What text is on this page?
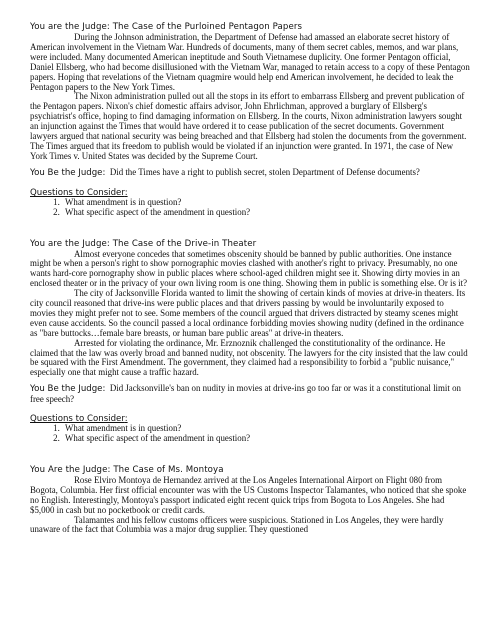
You are the Judge: The Case of the Purloined Pentagon Papers

During the Johnson administration, the Department of Defense had amassed an elaborate secret history of American involvement in the Vietnam War. Hundreds of documents, many of them secret cables, memos, and war plans, were included. Many documented American ineptitude and South Vietnamese duplicity. One former Pentagon official, Daniel Ellsberg, who had become disillusioned with the Vietnam War, managed to retain access to a copy of these Pentagon papers. Hoping that revelations of the Vietnam quagmire would help end American involvement, he decided to leak the Pentagon papers to the New York Times.

The Nixon administration pulled out all the stops in its effort to embarrass Ellsberg and prevent publication of the Pentagon papers. Nixon's chief domestic affairs advisor, John Ehrlichman, approved a burglary of Ellsberg's psychiatrist's office, hoping to find damaging information on Ellsberg. In the courts, Nixon administration lawyers sought an injunction against the Times that would have ordered it to cease publication of the secret documents. Government lawyers argued that national security was being breached and that Ellsberg had stolen the documents from the government. The Times argued that its freedom to publish would be violated if an injunction were granted. In 1971, the case of New York Times v. United States was decided by the Supreme Court.

You Be the Judge: Did the Times have a right to publish secret, stolen Department of Defense documents?

Questions to Consider:
1. What amendment is in question?
2. What specific aspect of the amendment in question?
You are the Judge: The Case of the Drive-in Theater

Almost everyone concedes that sometimes obscenity should be banned by public authorities. One instance might be when a person's right to show pornographic movies clashed with another's right to privacy. Presumably, no one wants hard-core pornography show in public places where school-aged children might see it. Showing dirty movies in an enclosed theater or in the privacy of your own living room is one thing. Showing them in public is something else. Or is it?

The city of Jacksonville Florida wanted to limit the showing of certain kinds of movies at drive-in theaters. Its city council reasoned that drive-ins were public places and that drivers passing by would be involuntarily exposed to movies they might prefer not to see. Some members of the council argued that drivers distracted by steamy scenes might even cause accidents. So the council passed a local ordinance forbidding movies showing nudity (defined in the ordinance as "bare buttocks…female bare breasts, or human bare public areas" at drive-in theaters.

Arrested for violating the ordinance, Mr. Erznoznik challenged the constitutionality of the ordinance. He claimed that the law was overly broad and banned nudity, not obscenity. The lawyers for the city insisted that the law could be squared with the First Amendment. The government, they claimed had a responsibility to forbid a "public nuisance," especially one that might cause a traffic hazard.

You Be the Judge: Did Jacksonville's ban on nudity in movies at drive-ins go too far or was it a constitutional limit on free speech?

Questions to Consider:
1. What amendment is in question?
2. What specific aspect of the amendment in question?
You Are the Judge: The Case of Ms. Montoya

Rose Elviro Montoya de Hernandez arrived at the Los Angeles International Airport on Flight 080 from Bogota, Columbia. Her first official encounter was with the US Customs Inspector Talamantes, who noticed that she spoke no English. Interestingly, Montoya's passport indicated eight recent quick trips from Bogota to Los Angeles. She had $5,000 in cash but no pocketbook or credit cards.

Talamantes and his fellow customs officers were suspicious. Stationed in Los Angeles, they were hardly unaware of the fact that Columbia was a major drug supplier. They questioned
